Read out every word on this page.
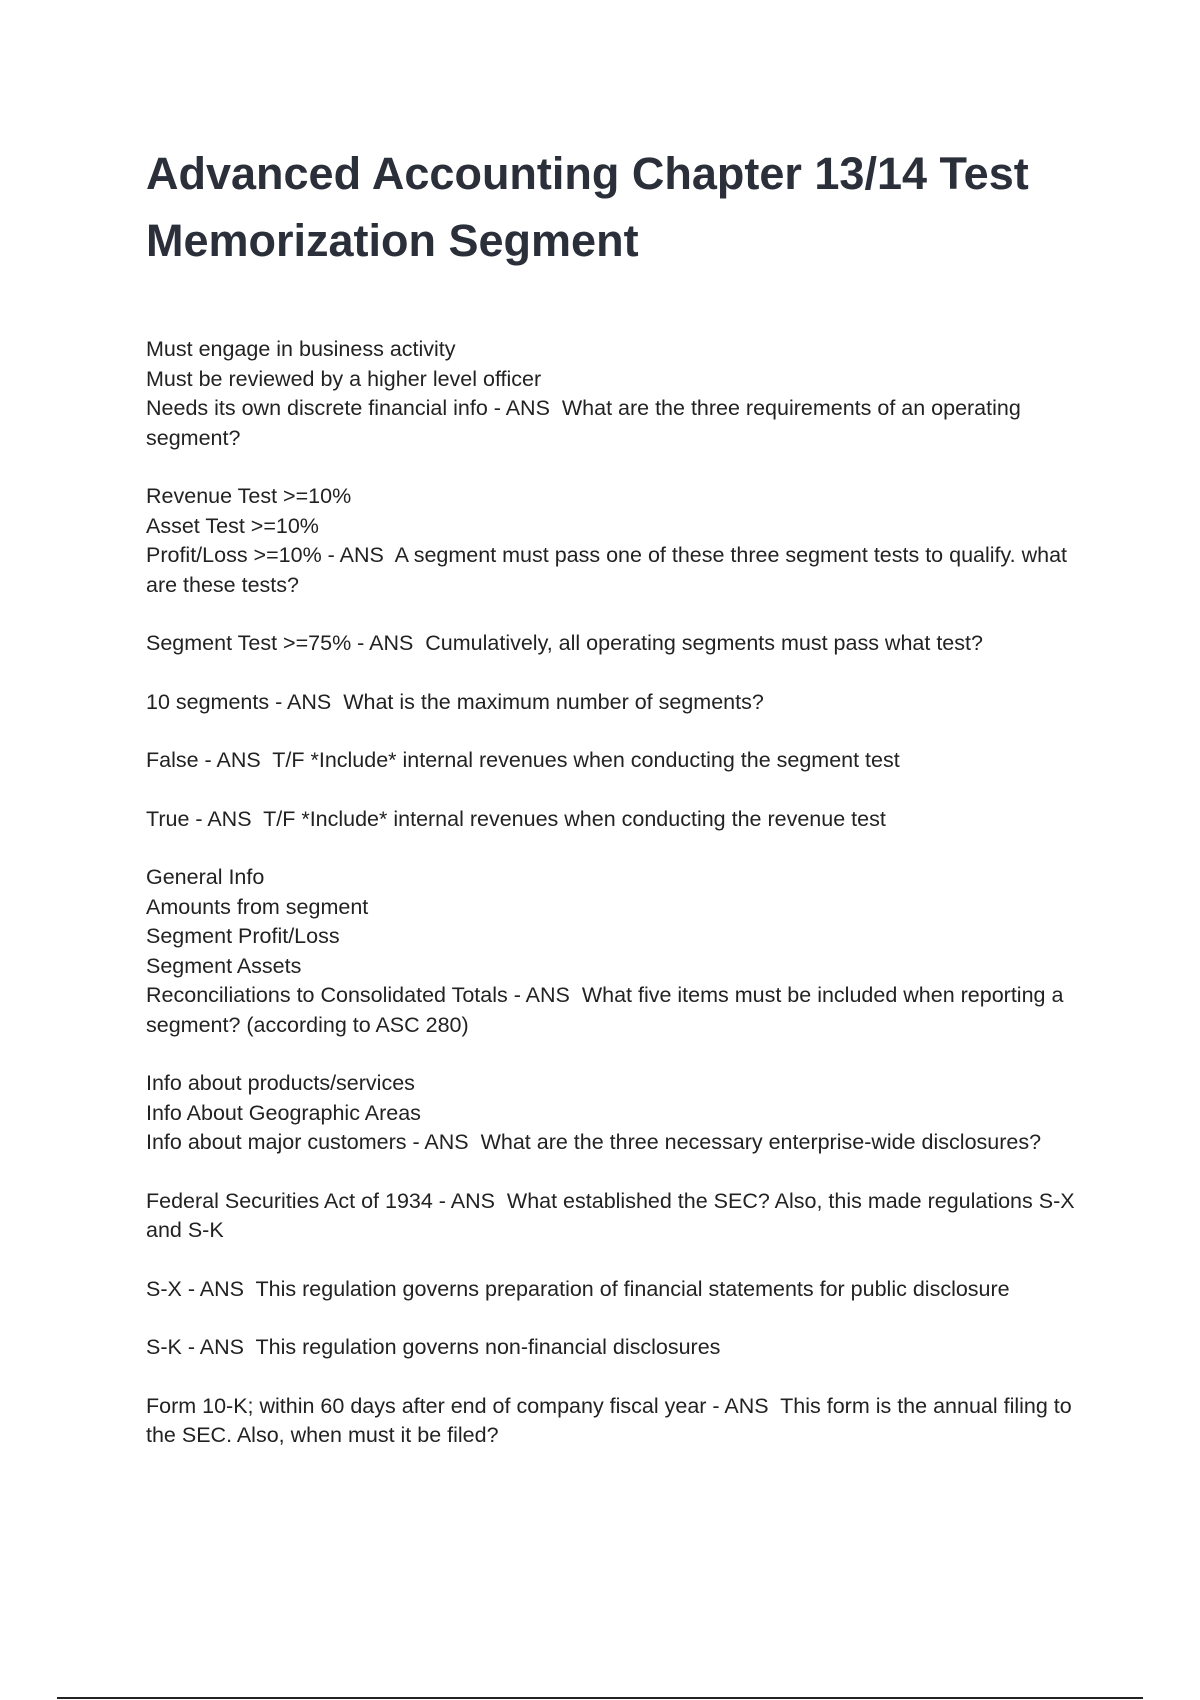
Advanced Accounting Chapter 13/14 Test Memorization Segment

Must engage in business activity
Must be reviewed by a higher level officer
Needs its own discrete financial info - ANS  What are the three requirements of an operating segment?

Revenue Test >=10%
Asset Test >=10%
Profit/Loss >=10% - ANS  A segment must pass one of these three segment tests to qualify. what are these tests?

Segment Test >=75% - ANS  Cumulatively, all operating segments must pass what test?

10 segments - ANS  What is the maximum number of segments?

False - ANS  T/F *Include* internal revenues when conducting the segment test

True - ANS  T/F *Include* internal revenues when conducting the revenue test

General Info
Amounts from segment
Segment Profit/Loss
Segment Assets
Reconciliations to Consolidated Totals - ANS  What five items must be included when reporting a segment? (according to ASC 280)

Info about products/services
Info About Geographic Areas
Info about major customers - ANS  What are the three necessary enterprise-wide disclosures?

Federal Securities Act of 1934 - ANS  What established the SEC? Also, this made regulations S-X and S-K

S-X - ANS  This regulation governs preparation of financial statements for public disclosure

S-K - ANS  This regulation governs non-financial disclosures

Form 10-K; within 60 days after end of company fiscal year - ANS  This form is the annual filing to the SEC. Also, when must it be filed?
